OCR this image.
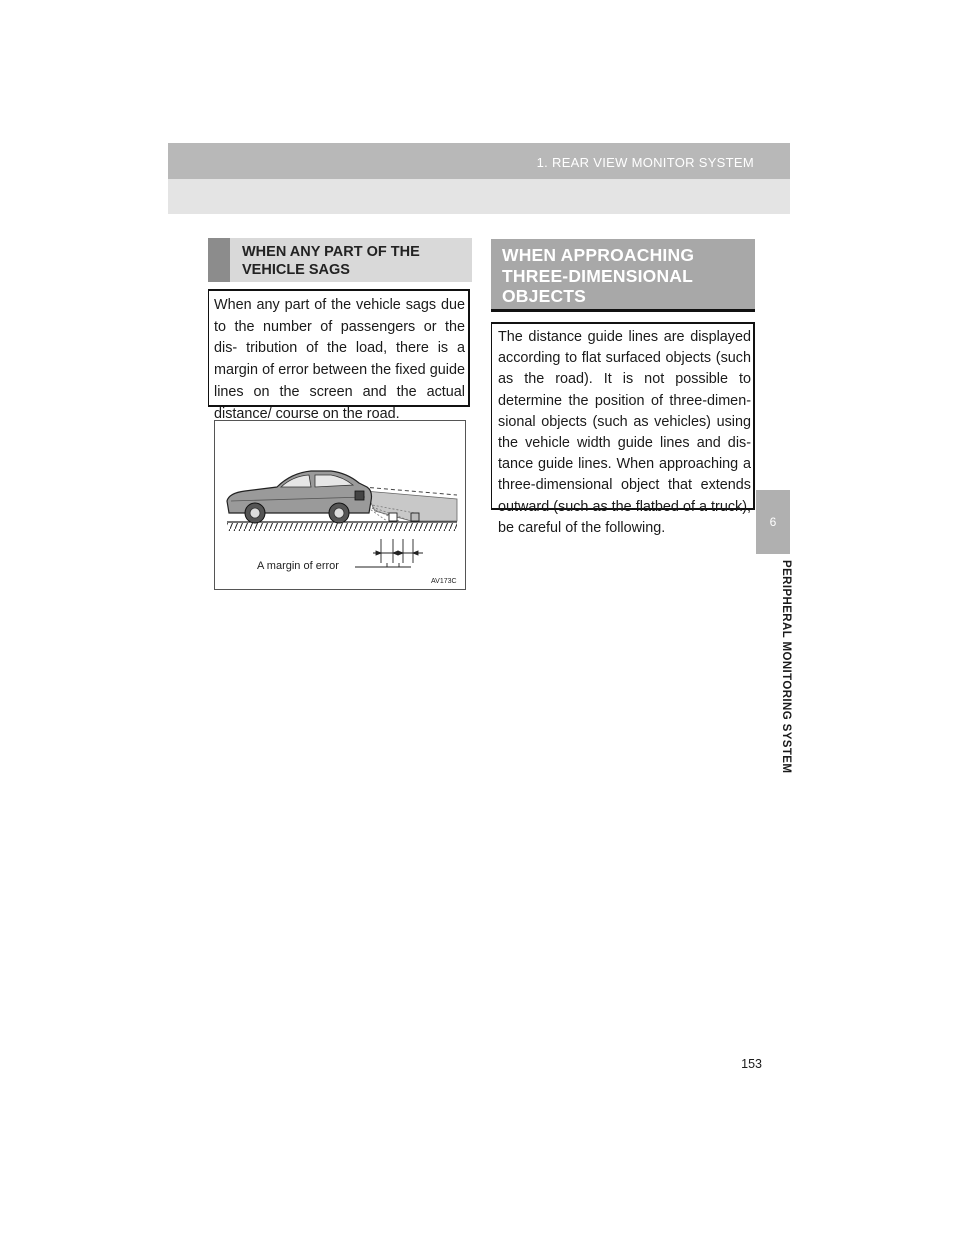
1. REAR VIEW MONITOR SYSTEM
6
PERIPHERAL MONITORING SYSTEM
WHEN ANY PART OF THE VEHICLE SAGS
When any part of the vehicle sags due to the number of passengers or the dis- tribution of the load, there is a margin of error between the fixed guide lines on the screen and the actual distance/ course on the road.
A margin of error
AV173C
WHEN APPROACHING THREE-DIMENSIONAL OBJECTS
The distance guide lines are displayed according to flat surfaced objects (such as the road). It is not possible to determine the position of three-dimen- sional objects (such as vehicles) using the vehicle width guide lines and dis- tance guide lines. When approaching a three-dimensional object that extends outward (such as the flatbed of a truck), be careful of the following.
153
